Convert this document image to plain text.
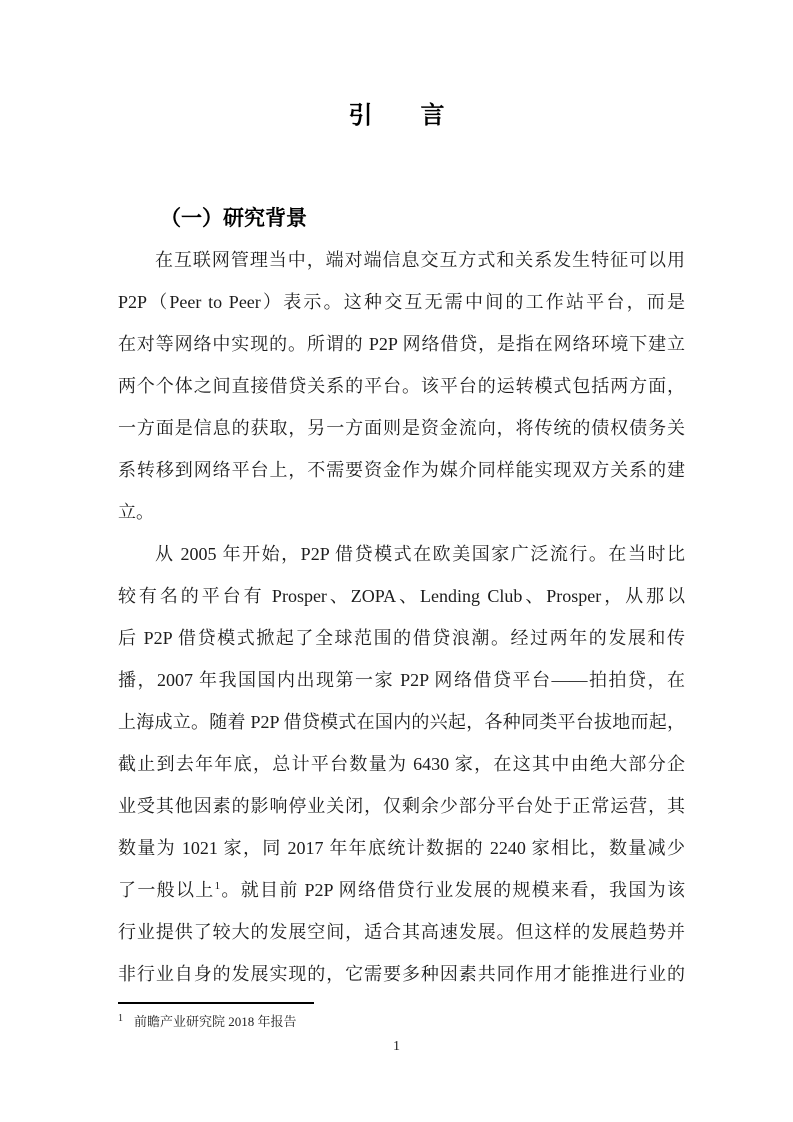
引　　言
（一）研究背景
在互联网管理当中，端对端信息交互方式和关系发生特征可以用
P2P（Peer to Peer）表示。这种交互无需中间的工作站平台，而是
在对等网络中实现的。所谓的 P2P 网络借贷，是指在网络环境下建立
两个个体之间直接借贷关系的平台。该平台的运转模式包括两方面，
一方面是信息的获取，另一方面则是资金流向，将传统的债权债务关
系转移到网络平台上，不需要资金作为媒介同样能实现双方关系的建
立。
从 2005 年开始，P2P 借贷模式在欧美国家广泛流行。在当时比
较有名的平台有 Prosper、ZOPA、Lending Club、Prosper，从那以
后 P2P 借贷模式掀起了全球范围的借贷浪潮。经过两年的发展和传
播，2007 年我国国内出现第一家 P2P 网络借贷平台——拍拍贷，在
上海成立。随着 P2P 借贷模式在国内的兴起，各种同类平台拔地而起，
截止到去年年底，总计平台数量为 6430 家，在这其中由绝大部分企
业受其他因素的影响停业关闭，仅剩余少部分平台处于正常运营，其
数量为 1021 家，同 2017 年年底统计数据的 2240 家相比，数量减少
了一般以上$^1$。就目前 P2P 网络借贷行业发展的规模来看，我国为该
行业提供了较大的发展空间，适合其高速发展。但这样的发展趋势并
非行业自身的发展实现的，它需要多种因素共同作用才能推进行业的
$^1$ 前瞻产业研究院 2018 年报告
1
